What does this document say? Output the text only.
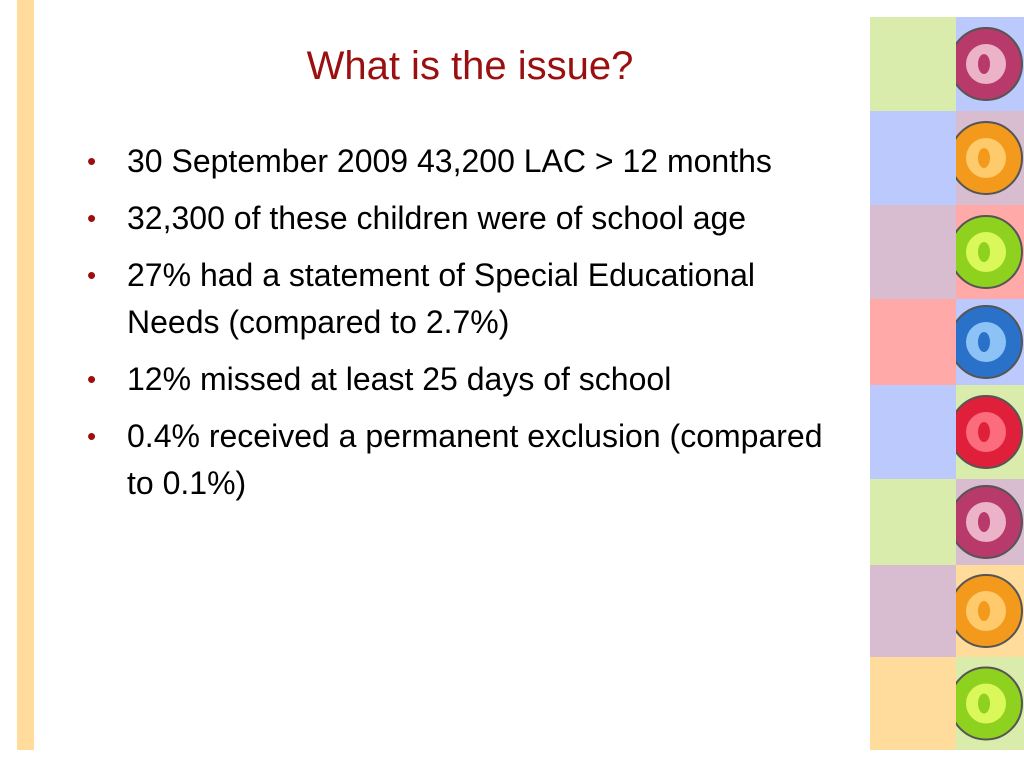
What is the issue?
• 30 September 2009 43,200 LAC > 12 months
• 32,300 of these children were of school age
• 27% had a statement of Special Educational Needs (compared to 2.7%)
• 12% missed at least 25 days of school
• 0.4% received a permanent exclusion (compared to 0.1%)
